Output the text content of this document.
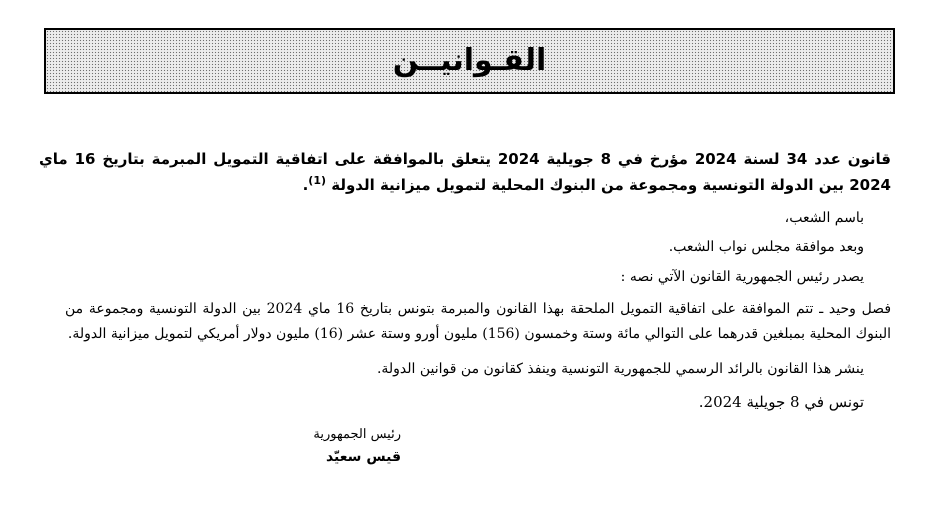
القـوانيــن
قانون عدد 34 لسنة 2024 مؤرخ في 8 جويلية 2024 يتعلق بالموافقة على اتفاقية التمويل المبرمة بتاريخ 16 ماي 2024 بين الدولة التونسية ومجموعة من البنوك المحلية لتمويل ميزانية الدولة $^{(1)}$.
باسم الشعب،
وبعد موافقة مجلس نواب الشعب.
يصدر رئيس الجمهورية القانون الآتي نصه :
فصل وحيد ـ تتم الموافقة على اتفاقية التمويل الملحقة بهذا القانون والمبرمة بتونس بتاريخ 16 ماي 2024 بين الدولة التونسية ومجموعة من البنوك المحلية بمبلغين قدرهما على التوالي مائة وستة وخمسون (156) مليون أورو وستة عشر (16) مليون دولار أمريكي لتمويل ميزانية الدولة.
ينشر هذا القانون بالرائد الرسمي للجمهورية التونسية وينفذ كقانون من قوانين الدولة.
تونس في 8 جويلية 2024.
رئيس الجمهورية
قيس سعيّد
